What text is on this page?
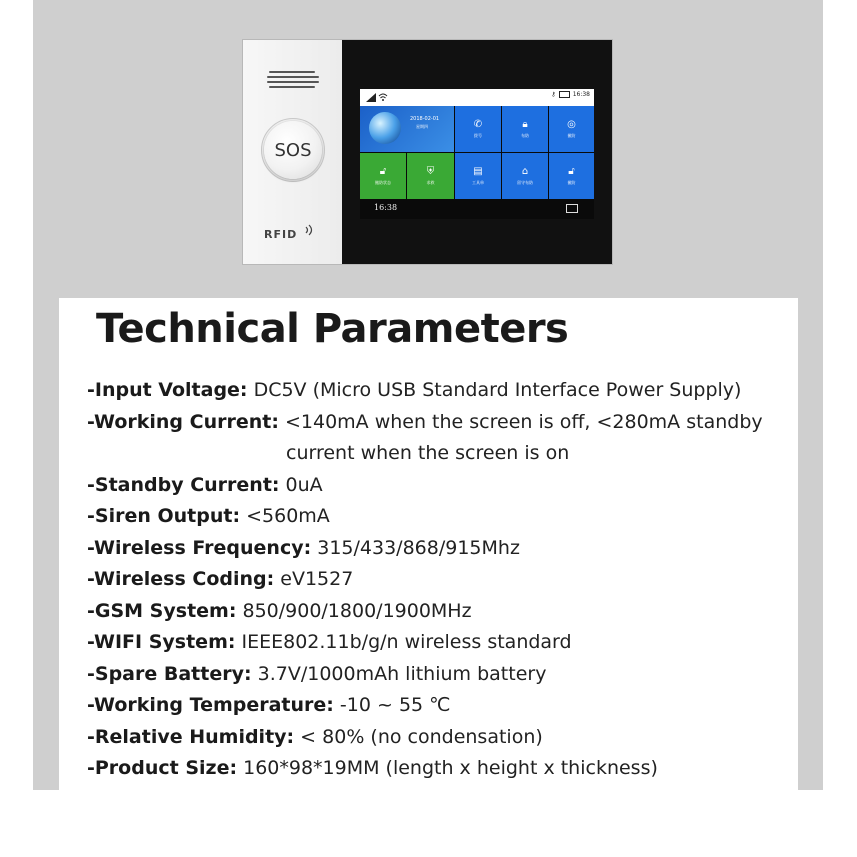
SOS
RFID
⚷	16:38
2018-02-01
星期四	✆
拨号
🔒︎
布防
◎
撤防
🔓︎
撤防状态
⛨
求救
▤
工具单
⌂
留守布防
🔓︎
撤防
16:38
Technical Parameters
-Input Voltage: DC5V (Micro USB Standard Interface Power Supply)
-Working Current: <140mA when the screen is off, <280mA standby
current when the screen is on
-Standby Current: 0uA
-Siren Output: <560mA
-Wireless Frequency: 315/433/868/915Mhz
-Wireless Coding: eV1527
-GSM System: 850/900/1800/1900MHz
-WIFI System: IEEE802.11b/g/n wireless standard
-Spare Battery: 3.7V/1000mAh lithium battery
-Working Temperature: -10 ~ 55 ℃
-Relative Humidity: < 80% (no condensation)
-Product Size: 160*98*19MM (length x height x thickness)
